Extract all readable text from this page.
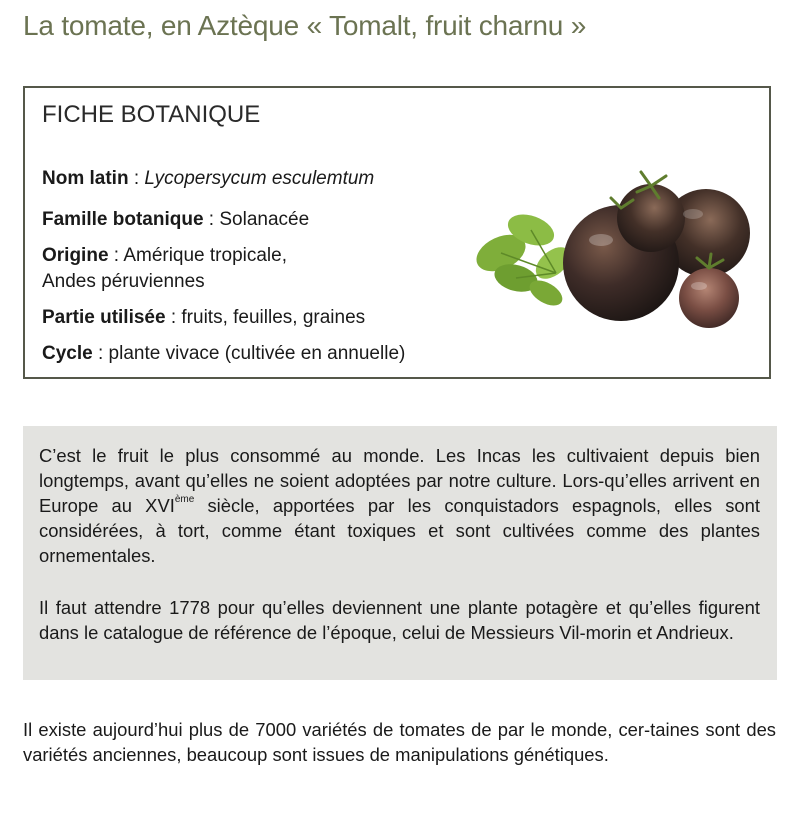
La tomate, en Aztèque « Tomalt, fruit charnu »
FICHE BOTANIQUE
Nom latin : Lycopersycum esculemtum
Famille botanique : Solanacée
Origine : Amérique tropicale,
Andes péruviennes
Partie utilisée : fruits, feuilles, graines
Cycle : plante vivace (cultivée en annuelle)
C’est le fruit le plus consommé au monde. Les Incas les cultivaient depuis bien longtemps, avant qu’elles ne soient adoptées par notre culture. Lors-qu’elles arrivent en Europe au XVIème siècle, apportées par les conquistadors espagnols, elles sont considérées, à tort, comme étant toxiques et sont cultivées comme des plantes ornementales.
Il faut attendre 1778 pour qu’elles deviennent une plante potagère et qu’elles figurent dans le catalogue de référence de l’époque, celui de Messieurs Vil-morin et Andrieux.
Il existe aujourd’hui plus de 7000 variétés de tomates de par le monde, cer-taines sont des variétés anciennes, beaucoup sont issues de manipulations génétiques.
